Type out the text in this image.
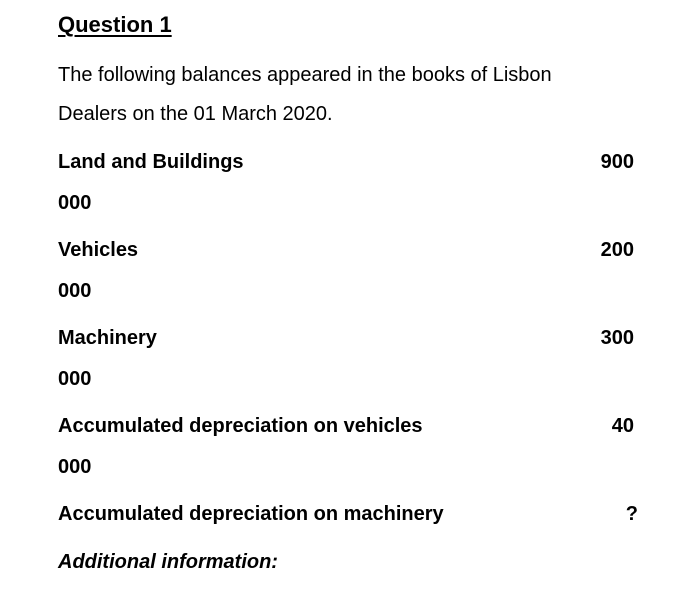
Question 1
The following balances appeared in the books of Lisbon
Dealers on the 01 March 2020.
Land and Buildings	900
000
Vehicles	200
000
Machinery	300
000
Accumulated depreciation on vehicles	40
000
Accumulated depreciation on machinery	?
Additional information:
